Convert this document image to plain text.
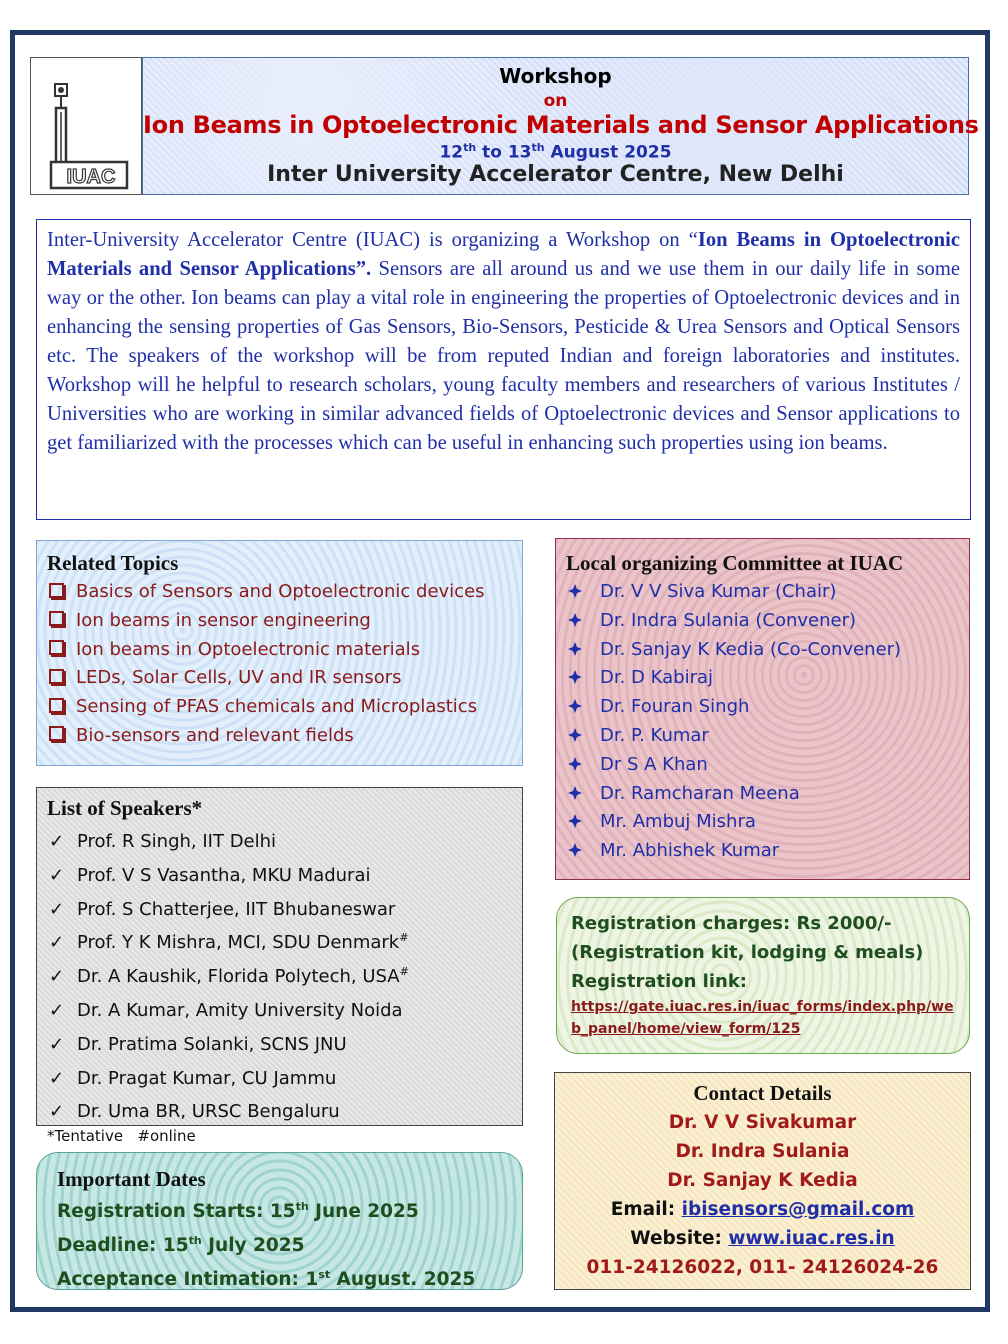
IUAC
Workshop
on
Ion Beams in Optoelectronic Materials and Sensor Applications
12th to 13th August 2025
Inter University Accelerator Centre, New Delhi

Inter-University Accelerator Centre (IUAC) is organizing a Workshop on “Ion Beams in Optoelectronic Materials and Sensor Applications”. Sensors are all around us and we use them in our daily life in some way or the other. Ion beams can play a vital role in engineering the properties of Optoelectronic devices and in enhancing the sensing properties of Gas Sensors, Bio-Sensors, Pesticide & Urea Sensors and Optical Sensors etc. The speakers of the workshop will be from reputed Indian and foreign laboratories and institutes. Workshop will he helpful to research scholars, young faculty members and researchers of various Institutes / Universities who are working in similar advanced fields of Optoelectronic devices and Sensor applications to get familiarized with the processes which can be useful in enhancing such properties using ion beams.

Related Topics
Basics of Sensors and Optoelectronic devices
Ion beams in sensor engineering
Ion beams in Optoelectronic materials
LEDs, Solar Cells, UV and IR sensors
Sensing of PFAS chemicals and Microplastics
Bio-sensors and relevant fields
Local organizing Committee at IUAC
Dr. V V Siva Kumar (Chair)
Dr. Indra Sulania (Convener)
Dr. Sanjay K Kedia (Co-Convener)
Dr. D Kabiraj
Dr. Fouran Singh
Dr. P. Kumar
Dr S A Khan
Dr. Ramcharan Meena
Mr. Ambuj Mishra
Mr. Abhishek Kumar
List of Speakers*
✓ Prof. R Singh, IIT Delhi
✓ Prof. V S Vasantha, MKU Madurai
✓ Prof. S Chatterjee, IIT Bhubaneswar
✓ Prof. Y K Mishra, MCI, SDU Denmark#
✓ Dr. A Kaushik, Florida Polytech, USA#
✓ Dr. A Kumar, Amity University Noida
✓ Dr. Pratima Solanki, SCNS JNU
✓ Dr. Pragat Kumar, CU Jammu
✓ Dr. Uma BR, URSC Bengaluru
*Tentative #online
Registration charges: Rs 2000/-
(Registration kit, lodging & meals)
Registration link:
https://gate.iuac.res.in/iuac_forms/index.php/web_panel/home/view_form/125
Contact Details
Dr. V V Sivakumar
Dr. Indra Sulania
Dr. Sanjay K Kedia
Email: ibisensors@gmail.com
Website: www.iuac.res.in
011-24126022, 011- 24126024-26
Important Dates
Registration Starts: 15th June 2025
Deadline: 15th July 2025
Acceptance Intimation: 1st August. 2025
